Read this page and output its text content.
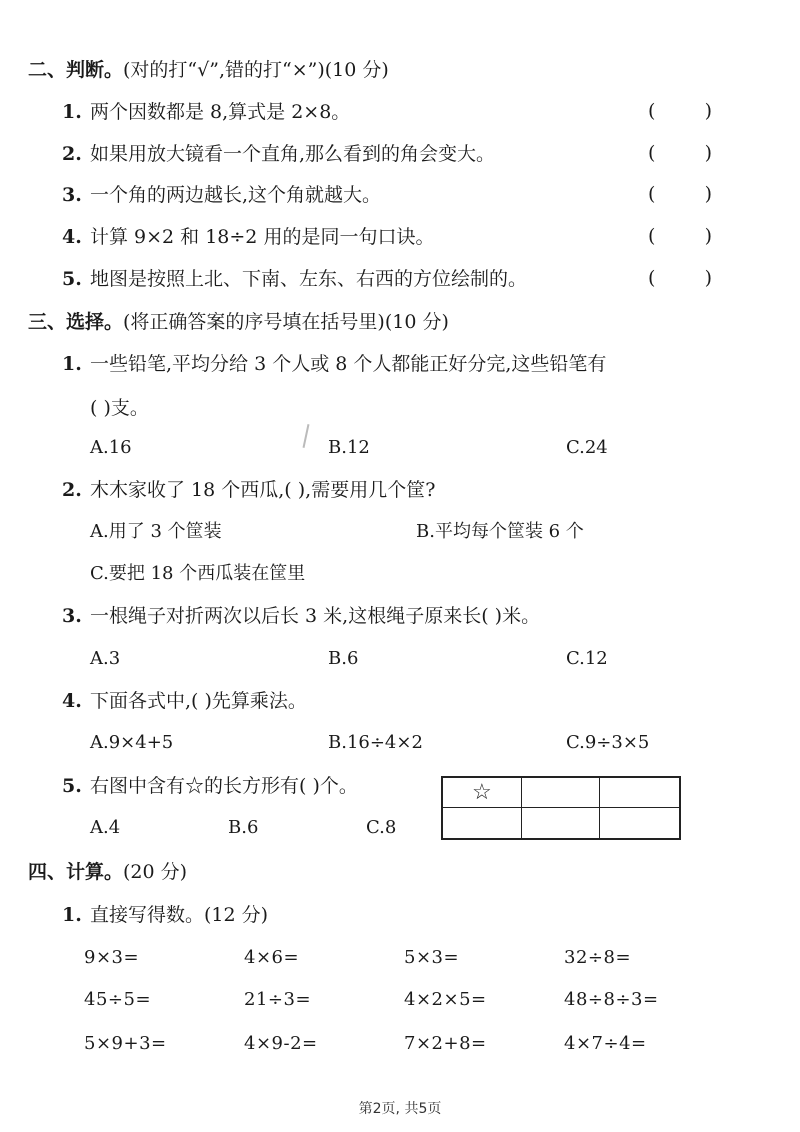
二、判断。(对的打“√”,错的打“×”)(10 分)
1. 两个因数都是 8,算式是 2×8。	(	)
2. 如果用放大镜看一个直角,那么看到的角会变大。	(	)
3. 一个角的两边越长,这个角就越大。	(	)
4. 计算 9×2 和 18÷2 用的是同一句口诀。	(	)
5. 地图是按照上北、下南、左东、右西的方位绘制的。	(	)
三、选择。(将正确答案的序号填在括号里)(10 分)
1. 一些铅笔,平均分给 3 个人或 8 个人都能正好分完,这些铅笔有
( )支。
A.16	B.12	C.24
2. 木木家收了 18 个西瓜,( ),需要用几个筐?
A.用了 3 个筐装	B.平均每个筐装 6 个
C.要把 18 个西瓜装在筐里
3. 一根绳子对折两次以后长 3 米,这根绳子原来长( )米。
A.3	B.6	C.12
4. 下面各式中,( )先算乘法。
A.9×4+5	B.16÷4×2	C.9÷3×5
5. 右图中含有☆的长方形有( )个。
A.4	B.6	C.8
☆
四、计算。(20 分)
1. 直接写得数。(12 分)
9×3=	4×6=	5×3=	32÷8=
45÷5=	21÷3=	4×2×5=	48÷8÷3=
5×9+3=	4×9-2=	7×2+8=	4×7÷4=
第2页, 共5页
